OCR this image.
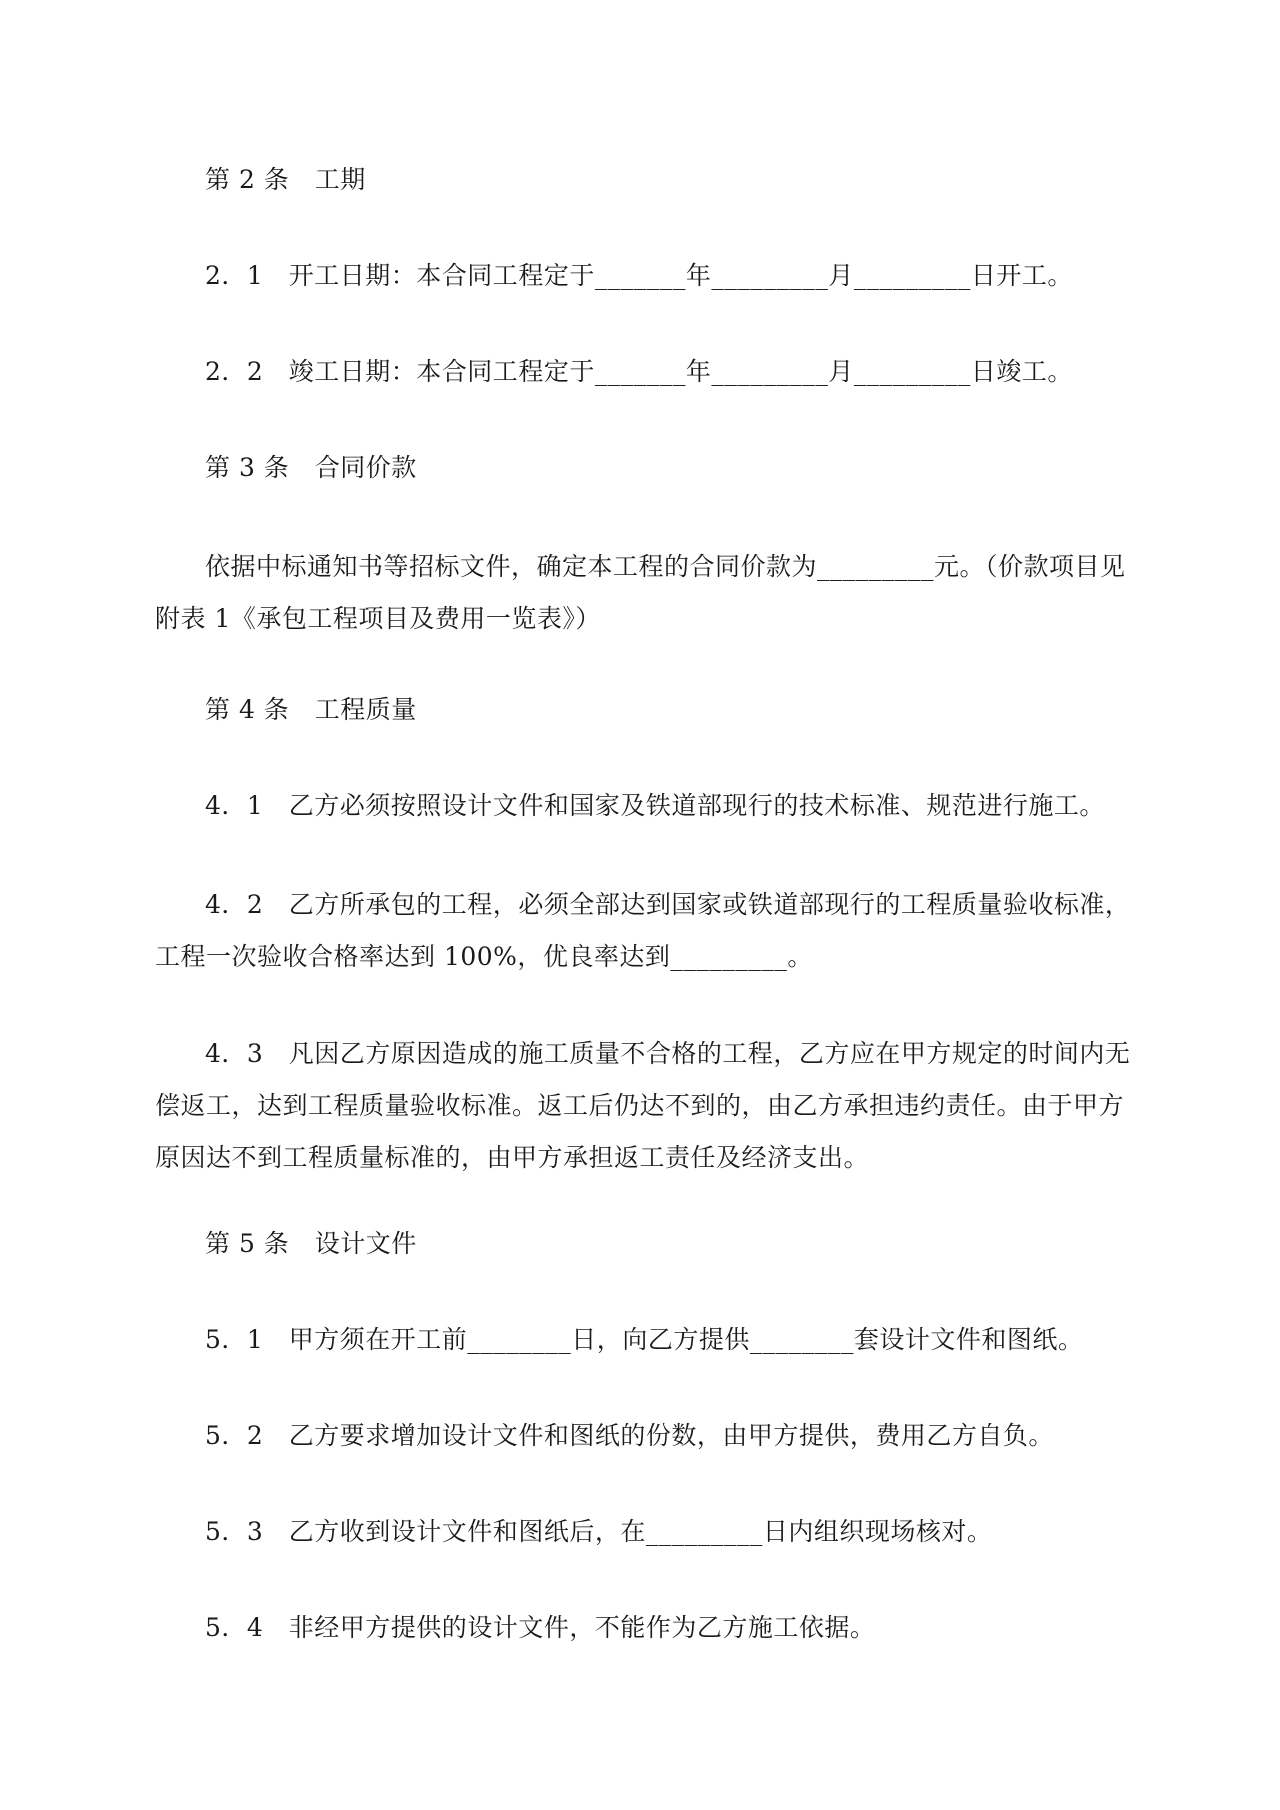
第 2 条　工期
2．1　开工日期：本合同工程定于_______年_________月_________日开工。
2．2　竣工日期：本合同工程定于_______年_________月_________日竣工。
第 3 条　合同价款
依据中标通知书等招标文件，确定本工程的合同价款为_________元。（价款项目见附表 1《承包工程项目及费用一览表》）
第 4 条　工程质量
4．1　乙方必须按照设计文件和国家及铁道部现行的技术标准、规范进行施工。
4．2　乙方所承包的工程，必须全部达到国家或铁道部现行的工程质量验收标准，工程一次验收合格率达到 100%，优良率达到_________。
4．3　凡因乙方原因造成的施工质量不合格的工程，乙方应在甲方规定的时间内无偿返工，达到工程质量验收标准。返工后仍达不到的，由乙方承担违约责任。由于甲方原因达不到工程质量标准的，由甲方承担返工责任及经济支出。
第 5 条　设计文件
5．1　甲方须在开工前________日，向乙方提供________套设计文件和图纸。
5．2　乙方要求增加设计文件和图纸的份数，由甲方提供，费用乙方自负。
5．3　乙方收到设计文件和图纸后，在_________日内组织现场核对。
5．4　非经甲方提供的设计文件，不能作为乙方施工依据。
